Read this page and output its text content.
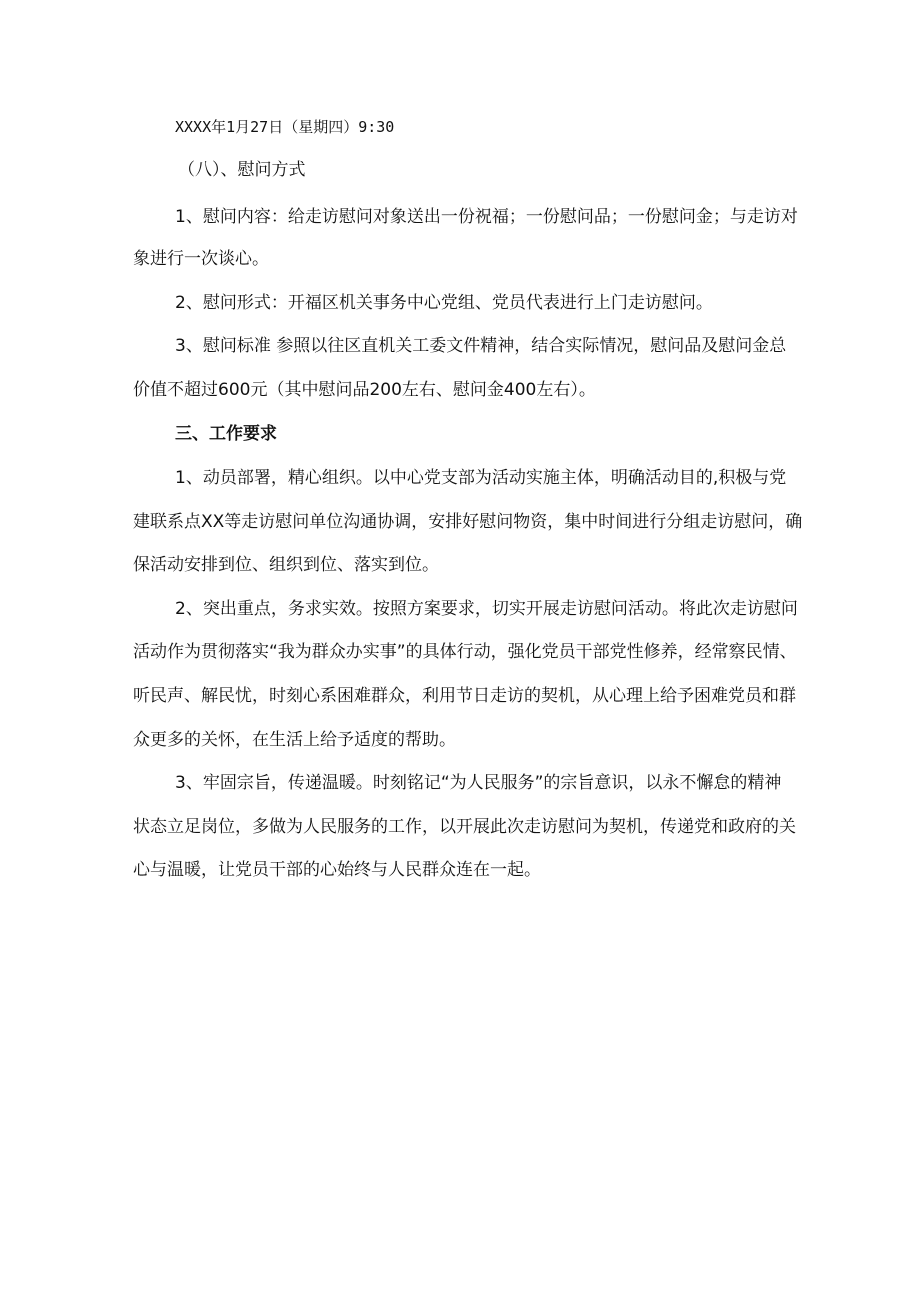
XXXX年1月27日（星期四）9:30
（八）、慰问方式
1、慰问内容：给走访慰问对象送出一份祝福；一份慰问品；一份慰问金；与走访对
象进行一次谈心。
2、慰问形式：开福区机关事务中心党组、党员代表进行上门走访慰问。
3、慰问标准 参照以往区直机关工委文件精神，结合实际情况，慰问品及慰问金总
价值不超过600元（其中慰问品200左右、慰问金400左右）。
三、工作要求
1、动员部署，精心组织。以中心党支部为活动实施主体，明确活动目的,积极与党
建联系点XX等走访慰问单位沟通协调，安排好慰问物资，集中时间进行分组走访慰问，确
保活动安排到位、组织到位、落实到位。
2、突出重点，务求实效。按照方案要求，切实开展走访慰问活动。将此次走访慰问
活动作为贯彻落实“我为群众办实事”的具体行动，强化党员干部党性修养，经常察民情、
听民声、解民忧，时刻心系困难群众，利用节日走访的契机，从心理上给予困难党员和群
众更多的关怀，在生活上给予适度的帮助。
3、牢固宗旨，传递温暖。时刻铭记“为人民服务”的宗旨意识，以永不懈怠的精神
状态立足岗位，多做为人民服务的工作，以开展此次走访慰问为契机，传递党和政府的关
心与温暖，让党员干部的心始终与人民群众连在一起。
